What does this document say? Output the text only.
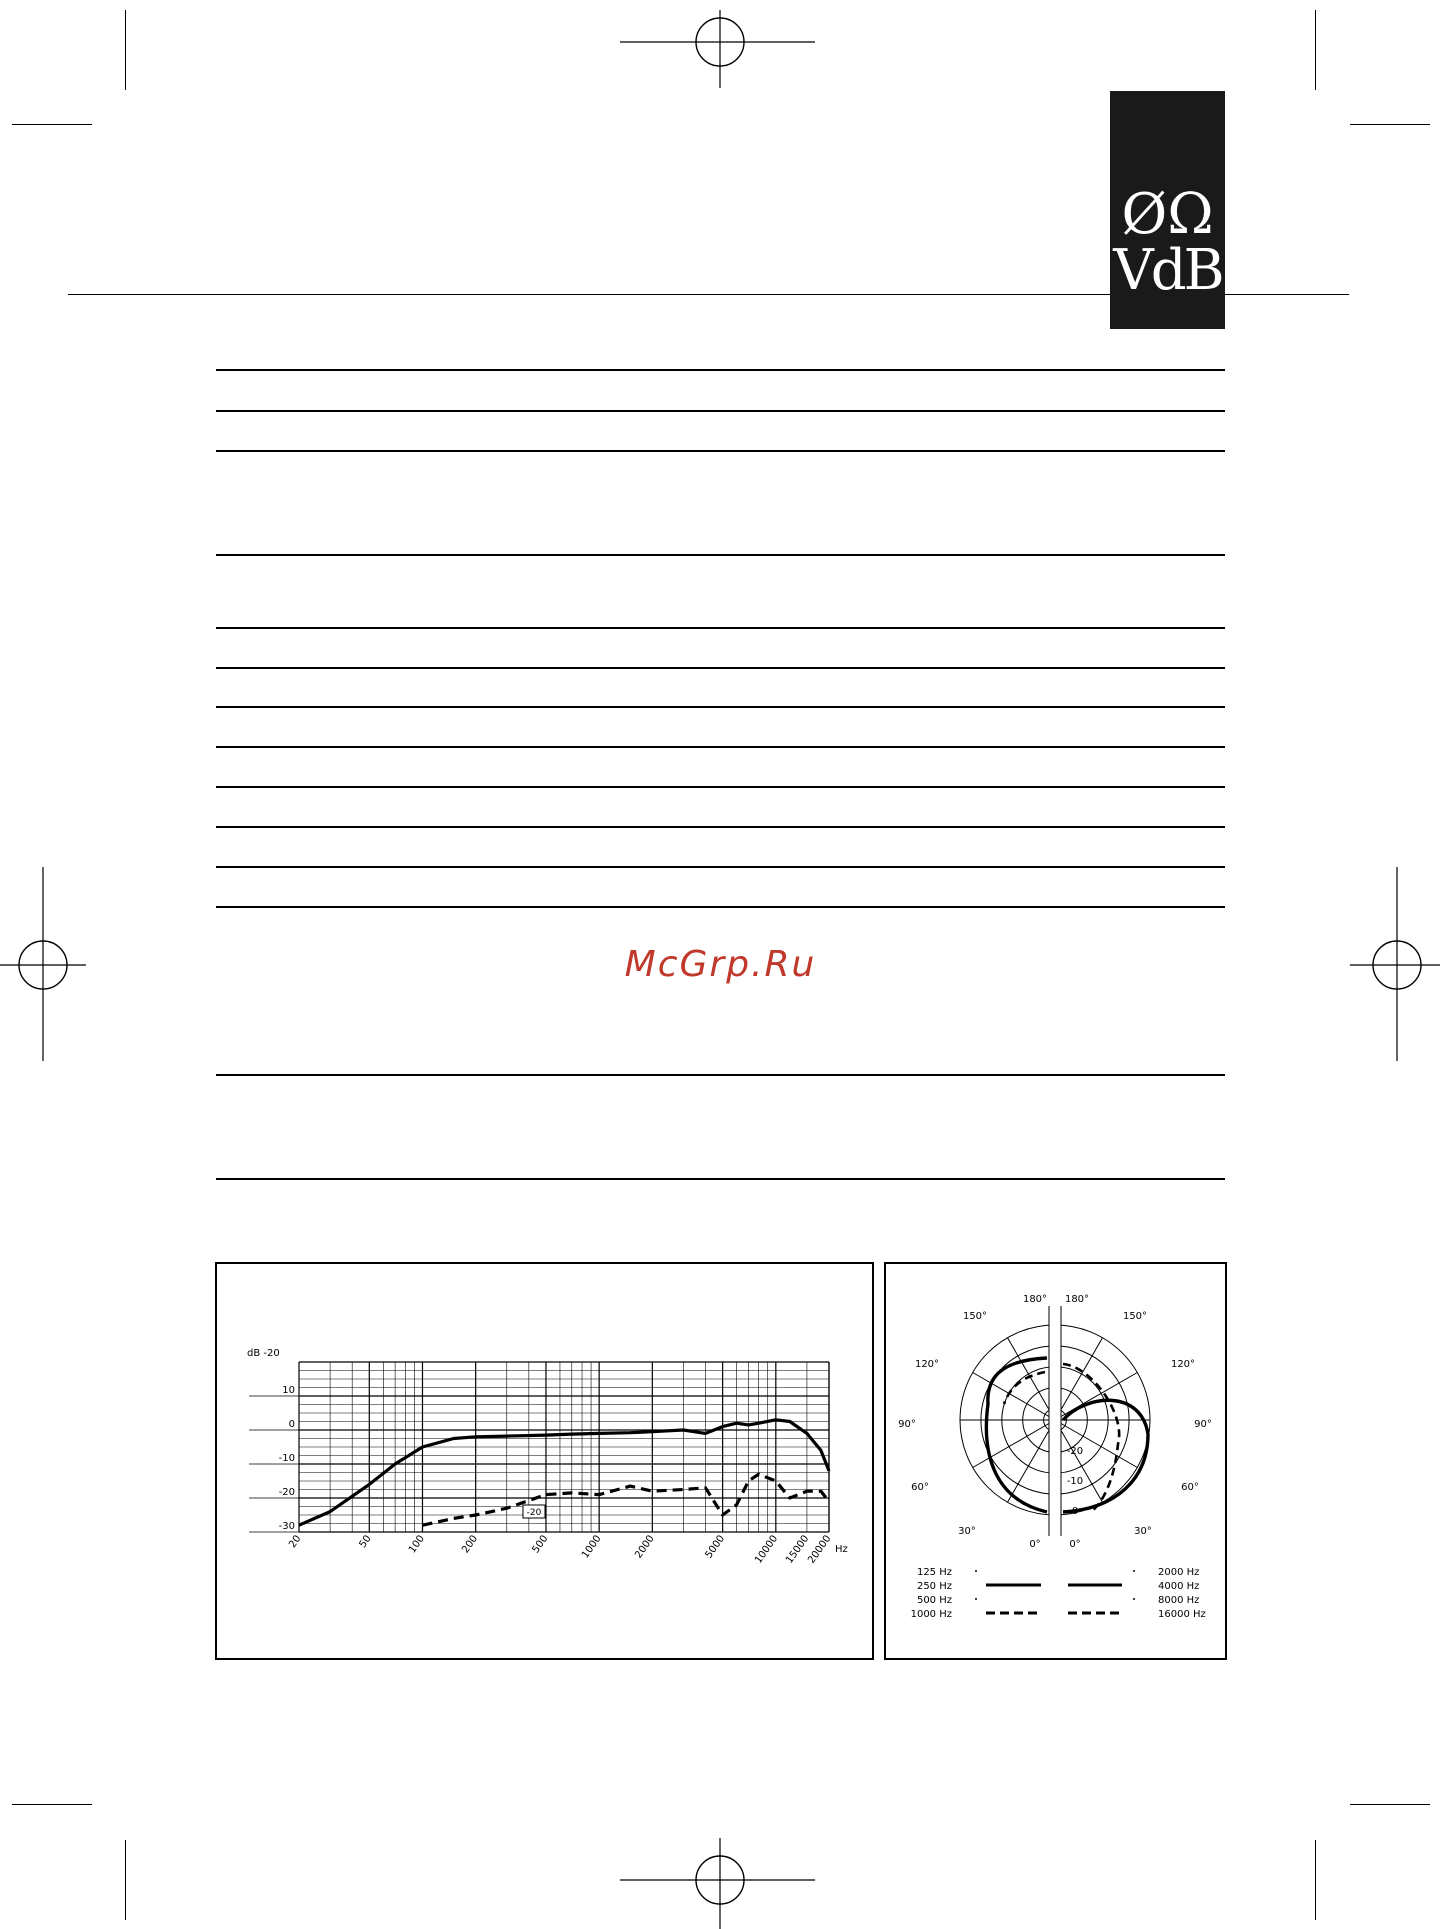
ØΩ
VdB
McGrp.Ru
dB -20
10
0
-10
-20
-30
20	50	100	200	500	1000	2000	5000	10000 15000
20000 Hz
-20
180° 180°
150°	150°
120°	120°
90°	90°
60°	60°
30°	30°
0°	0°
-20
-10
0
125 Hz
250 Hz
500 Hz
1000 Hz
2000 Hz
4000 Hz
8000 Hz
16000 Hz
